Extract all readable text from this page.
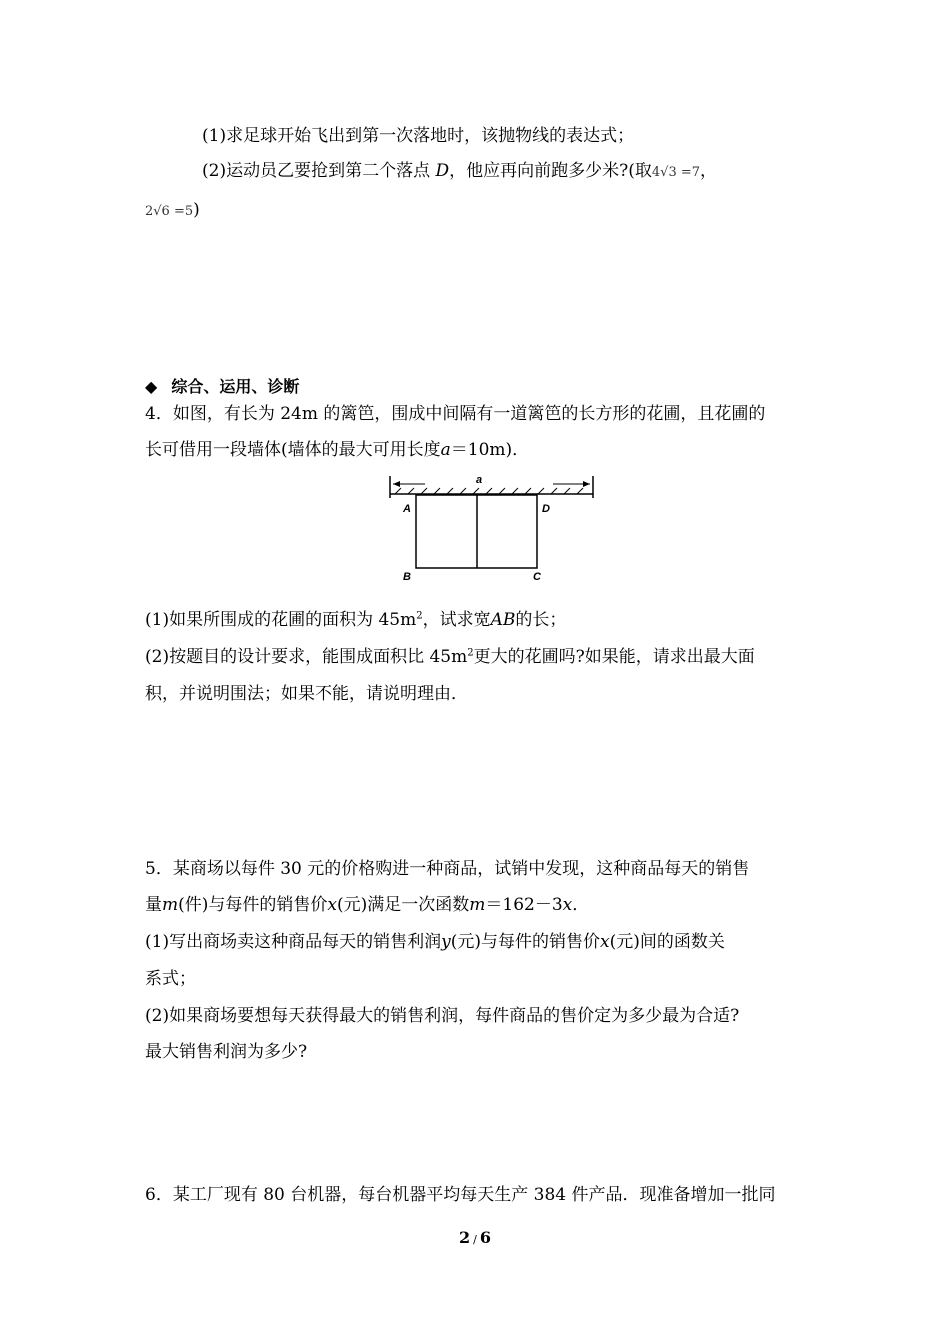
(1)求足球开始飞出到第一次落地时，该抛物线的表达式；
(2)运动员乙要抢到第二个落点 D，他应再向前跑多少米?(取4√3 =7，
2√6 =5)
◆ 综合、运用、诊断
4．如图，有长为 24m 的篱笆，围成中间隔有一道篱笆的长方形的花圃，且花圃的
长可借用一段墙体(墙体的最大可用长度a＝10m)．
a
A	D
B	C
(1)如果所围成的花圃的面积为 $45m^2$，试求宽AB的长；
(2)按题目的设计要求，能围成面积比 $45m^2$更大的花圃吗?如果能，请求出最大面
积，并说明围法；如果不能，请说明理由．
5．某商场以每件 30 元的价格购进一种商品，试销中发现，这种商品每天的销售
量m(件)与每件的销售价x(元)满足一次函数m＝162－3x．
(1)写出商场卖这种商品每天的销售利润y(元)与每件的销售价x(元)间的函数关
系式；
(2)如果商场要想每天获得最大的销售利润，每件商品的售价定为多少最为合适?
最大销售利润为多少?
6．某工厂现有 80 台机器，每台机器平均每天生产 384 件产品．现准备增加一批同
2 / 6
